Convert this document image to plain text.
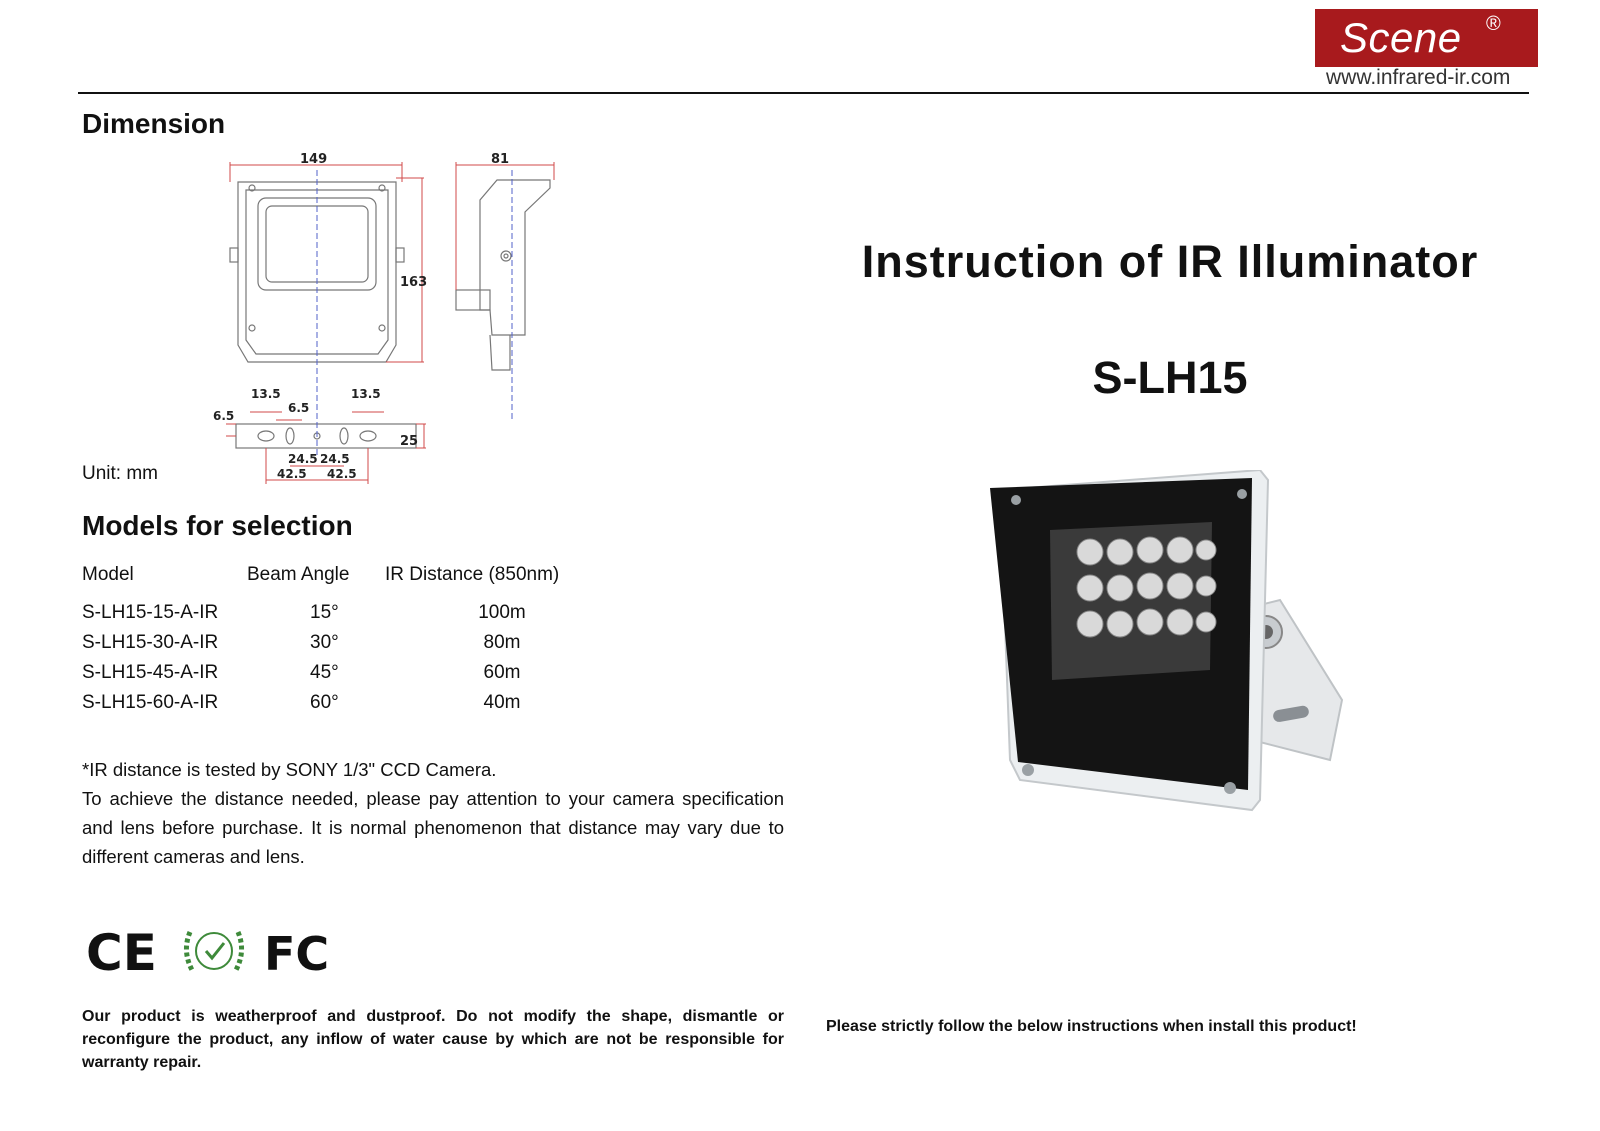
Scene ®
www.infrared-ir.com
Dimension
149	81
163
13.5	13.5
6.5
6.5
25
24.5 24.5
42.5 42.5
Unit: mm
Models for selection
Model	Beam Angle	IR Distance (850nm)
S-LH15-15-A-IR	15°	100m
S-LH15-30-A-IR	30°	80m
S-LH15-45-A-IR	45°	60m
S-LH15-60-A-IR	60°	40m

*IR distance is tested by SONY 1/3" CCD Camera.

To achieve the distance needed, please pay attention to your camera specification and lens before purchase. It is normal phenomenon that distance may vary due to different cameras and lens.

CE FC
Our product is weatherproof and dustproof. Do not modify the shape, dismantle or reconfigure the product, any inflow of water cause by which are not be responsible for warranty repair.
Please strictly follow the below instructions when install this product!
Instruction of IR Illuminator
S-LH15
